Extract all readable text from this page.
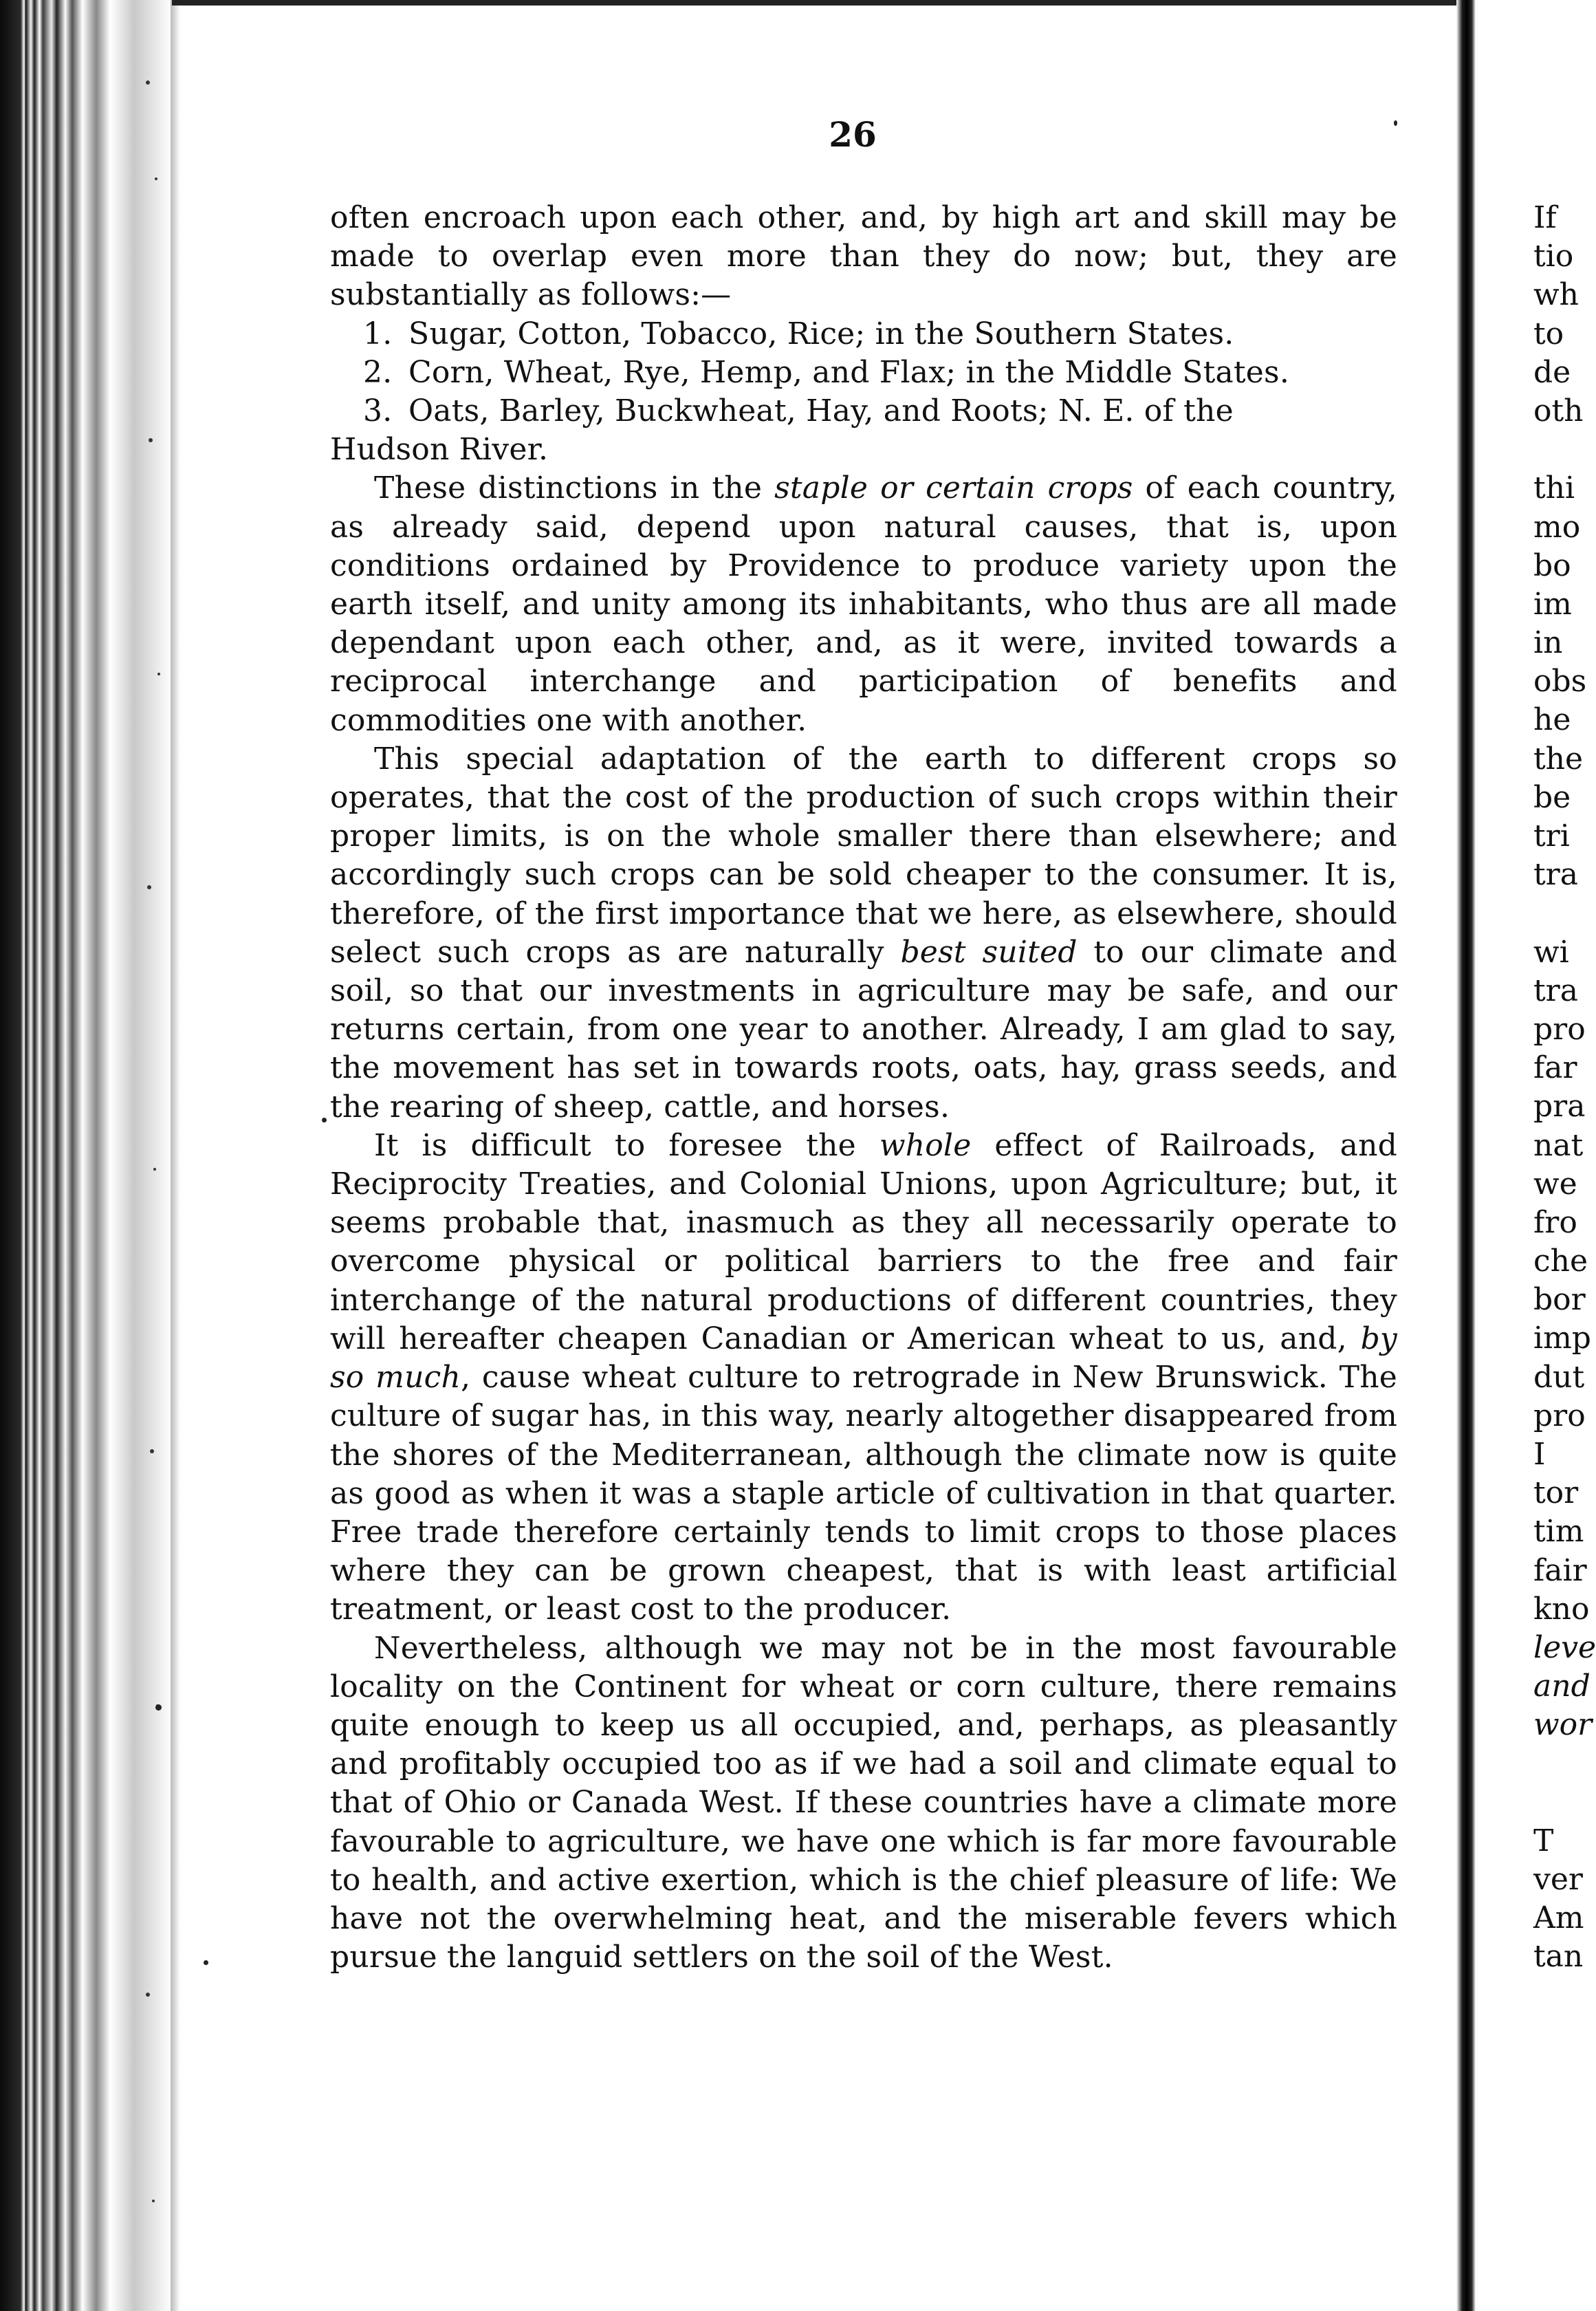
26

often encroach upon each other, and, by high art and skill may be made to overlap even more than they do now; but, they are substantially as follows:—

1. Sugar, Cotton, Tobacco, Rice; in the Southern States.

2. Corn, Wheat, Rye, Hemp, and Flax; in the Middle States.

3. Oats, Barley, Buckwheat, Hay, and Roots; N. E. of the

Hudson River.

These distinctions in the staple or certain crops of each country, as already said, depend upon natural causes, that is, upon conditions ordained by Providence to produce variety upon the earth itself, and unity among its inhabitants, who thus are all made dependant upon each other, and, as it were, invited towards a reciprocal interchange and participation of benefits and commodities one with another.

This special adaptation of the earth to different crops so operates, that the cost of the production of such crops within their proper limits, is on the whole smaller there than elsewhere; and accordingly such crops can be sold cheaper to the consumer. It is, therefore, of the first importance that we here, as elsewhere, should select such crops as are naturally best suited to our climate and soil, so that our investments in agriculture may be safe, and our returns certain, from one year to another. Already, I am glad to say, the movement has set in towards roots, oats, hay, grass seeds, and the rearing of sheep, cattle, and horses.

It is difficult to foresee the whole effect of Railroads, and Reciprocity Treaties, and Colonial Unions, upon Agriculture; but, it seems probable that, inasmuch as they all necessarily operate to overcome physical or political barriers to the free and fair interchange of the natural productions of different countries, they will hereafter cheapen Canadian or American wheat to us, and, by so much, cause wheat culture to retrograde in New Brunswick. The culture of sugar has, in this way, nearly altogether disappeared from the shores of the Mediterranean, although the climate now is quite as good as when it was a staple article of cultivation in that quarter. Free trade therefore certainly tends to limit crops to those places where they can be grown cheapest, that is with least artificial treatment, or least cost to the producer.

Nevertheless, although we may not be in the most favourable locality on the Continent for wheat or corn culture, there remains quite enough to keep us all occupied, and, perhaps, as pleasantly and profitably occupied too as if we had a soil and climate equal to that of Ohio or Canada West. If these countries have a climate more favourable to agriculture, we have one which is far more favourable to health, and active exertion, which is the chief pleasure of life: We have not the overwhelming heat, and the miserable fevers which pursue the languid settlers on the soil of the West.

If
tio
wh
to
de
oth
thi
mo
bo
im
in
obs
he
the
be
tri
tra
wi
tra
pro
far
pra
nat
we
fro
che
bor
imp
dut
pro
I
tor
tim
fair
kno
leve
and
wor
T
ver
Am
tan
